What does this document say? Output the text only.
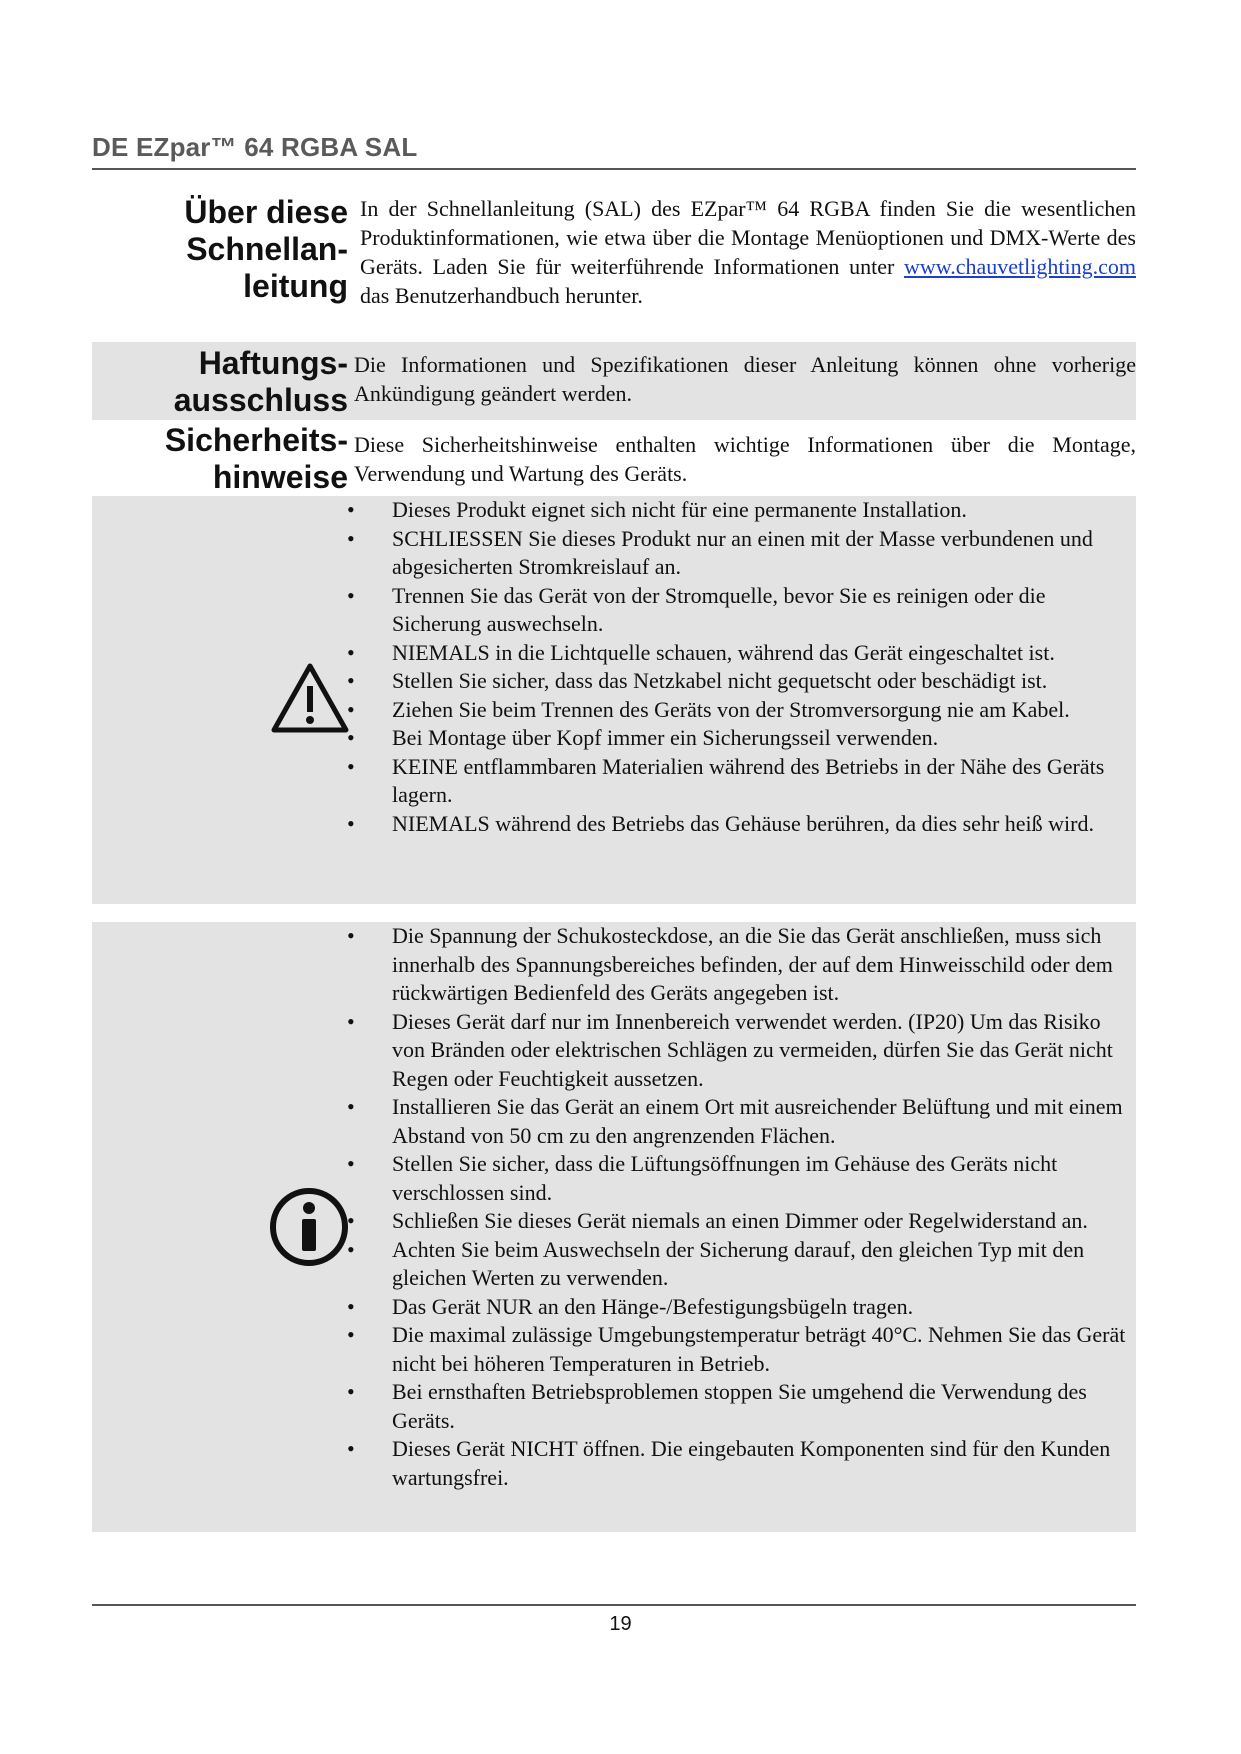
DE EZpar™ 64 RGBA SAL
Über diese
Schnellan-
leitung
In der Schnellanleitung (SAL) des EZpar™ 64 RGBA finden Sie die wesentlichen Produktinformationen, wie etwa über die Montage Menüoptionen und DMX-Werte des Geräts. Laden Sie für weiterführende Informationen unter www.chauvetlighting.com das Benutzerhandbuch herunter.
Haftungs-
ausschluss
Die Informationen und Spezifikationen dieser Anleitung können ohne vorherige Ankündigung geändert werden.
Sicherheits-
hinweise
Diese Sicherheitshinweise enthalten wichtige Informationen über die Montage, Verwendung und Wartung des Geräts.
• Dieses Produkt eignet sich nicht für eine permanente Installation.
• SCHLIESSEN Sie dieses Produkt nur an einen mit der Masse verbundenen und abgesicherten Stromkreislauf an.
• Trennen Sie das Gerät von der Stromquelle, bevor Sie es reinigen oder die Sicherung auswechseln.
• NIEMALS in die Lichtquelle schauen, während das Gerät eingeschaltet ist.
• Stellen Sie sicher, dass das Netzkabel nicht gequetscht oder beschädigt ist.
• Ziehen Sie beim Trennen des Geräts von der Stromversorgung nie am Kabel.
• Bei Montage über Kopf immer ein Sicherungsseil verwenden.
• KEINE entflammbaren Materialien während des Betriebs in der Nähe des Geräts lagern.
• NIEMALS während des Betriebs das Gehäuse berühren, da dies sehr heiß wird.
• Die Spannung der Schukosteckdose, an die Sie das Gerät anschließen, muss sich innerhalb des Spannungsbereiches befinden, der auf dem Hinweisschild oder dem rückwärtigen Bedienfeld des Geräts angegeben ist.
• Dieses Gerät darf nur im Innenbereich verwendet werden. (IP20) Um das Risiko von Bränden oder elektrischen Schlägen zu vermeiden, dürfen Sie das Gerät nicht Regen oder Feuchtigkeit aussetzen.
• Installieren Sie das Gerät an einem Ort mit ausreichender Belüftung und mit einem Abstand von 50 cm zu den angrenzenden Flächen.
• Stellen Sie sicher, dass die Lüftungsöffnungen im Gehäuse des Geräts nicht verschlossen sind.
• Schließen Sie dieses Gerät niemals an einen Dimmer oder Regelwiderstand an.
• Achten Sie beim Auswechseln der Sicherung darauf, den gleichen Typ mit den gleichen Werten zu verwenden.
• Das Gerät NUR an den Hänge-/Befestigungsbügeln tragen.
• Die maximal zulässige Umgebungstemperatur beträgt 40°C. Nehmen Sie das Gerät nicht bei höheren Temperaturen in Betrieb.
• Bei ernsthaften Betriebsproblemen stoppen Sie umgehend die Verwendung des Geräts.
• Dieses Gerät NICHT öffnen. Die eingebauten Komponenten sind für den Kunden wartungsfrei.
19
